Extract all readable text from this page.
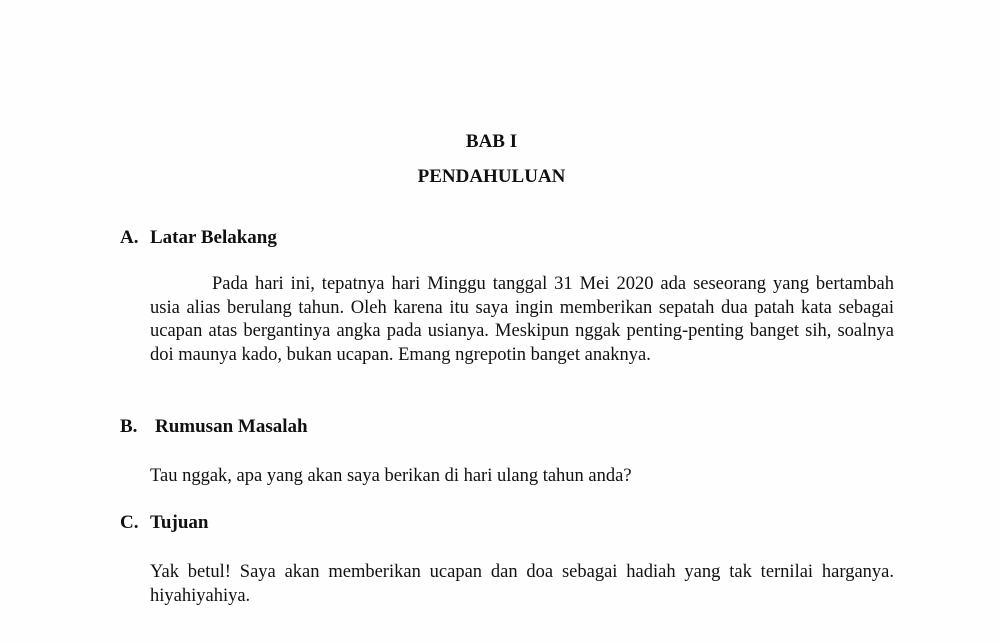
BAB I
PENDAHULUAN
A. Latar Belakang
Pada hari ini, tepatnya hari Minggu tanggal 31 Mei 2020 ada seseorang yang bertambah usia alias berulang tahun. Oleh karena itu saya ingin memberikan sepatah dua patah kata sebagai ucapan atas bergantinya angka pada usianya. Meskipun nggak penting-penting banget sih, soalnya doi maunya kado, bukan ucapan. Emang ngrepotin banget anaknya.
B. Rumusan Masalah
Tau nggak, apa yang akan saya berikan di hari ulang tahun anda?
C. Tujuan
Yak betul! Saya akan memberikan ucapan dan doa sebagai hadiah yang tak ternilai harganya. hiyahiyahiya.
